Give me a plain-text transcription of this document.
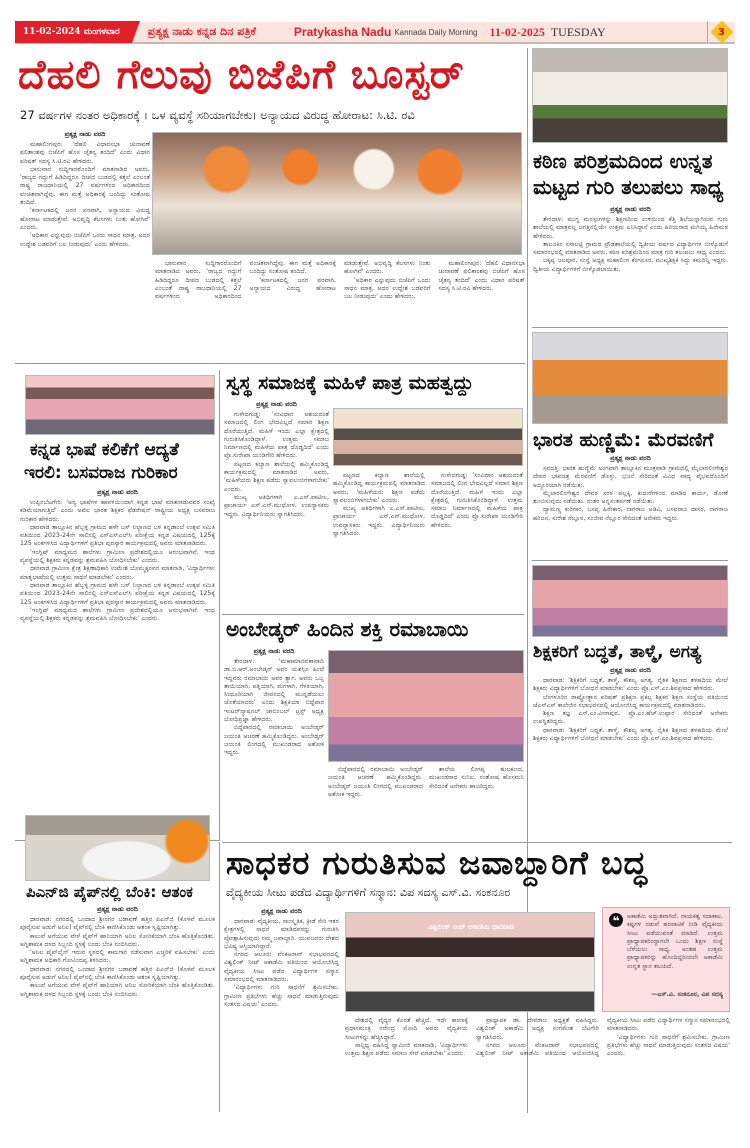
11-02-2024 ಮಂಗಳವಾರ	ಪ್ರತ್ಯಕ್ಷ ನಾಡು ಕನ್ನಡ ದಿನ ಪತ್ರಿಕೆ	Pratykasha Nadu Kannada Daily Morning 11-02-2025 TUESDAY	3
ದೆಹಲಿ ಗೆಲುವು ಬಿಜೆಪಿಗೆ ಬೂಸ್ಟರ್
27 ವರ್ಷಗಳ ನಂತರ ಅಧಿಕಾರಕ್ಕೆ । ಒಳ ವ್ಯವಸ್ಥೆ ಸರಿಯಾಗಬೇಕು। ಅನ್ಯಾಯದ ವಿರುದ್ಧ ಹೋರಾಟ: ಸಿ.ಟಿ. ರವಿ
ಪ್ರತ್ಯಕ್ಷ ನಾಡು ವರದಿ

ಮಹಾಲಿಂಗಪುರ: 'ದೆಹಲಿ ವಿಧಾನಸಭಾ ಚುನಾವಣೆ ಫಲಿತಾಂಶವು ಬಿಜೆಪಿಗೆ ಹೊಸ ಚೈತನ್ಯ ತಂದಿದೆ' ಎಂದು ವಿಧಾನ ಪರಿಷತ್ ಸದಸ್ಯ ಸಿ.ಟಿ.ರವಿ ಹೇಳಿದರು.

ಭಾನುವಾರ ಸುದ್ದಿಗಾರರೊಂದಿಗೆ ಮಾತನಾಡಿದ ಅವರು, 'ರಾಜ್ಯದ ಗದ್ದುಗೆ ಹಿಡಿದಿದ್ದರೂ ದೀಪದ ಬುಡದಲ್ಲಿ ಕತ್ತಲೆ ಎಂಬಂತೆ ರಾಷ್ಟ್ರ ರಾಜಧಾನಿಯಲ್ಲಿ 27 ವರ್ಷಗಳಿಂದ ಅಧಿಕಾರದಿಂದ ವಂಚಿತವಾಗಿದ್ದೆವು. ಈಗ ಮತ್ತೆ ಅಧಿಕಾರಕ್ಕೆ ಬಂದಿದ್ದು ಸಂತೋಷ ತಂದಿದೆ.

'ಕರ್ನಾಟಕದಲ್ಲಿ ಜನರ ಪರವಾಗಿ, ಅನ್ಯಾಯದ ವಿರುದ್ಧ ಹೋರಾಟ ಮಾಡುತ್ತೇವೆ. ಅಭಿವೃದ್ಧಿ ಕೆಲಸಗಳು ನಿಂತು ಹೋಗಿವೆ' ಎಂದರು.

'ಅಧಿಕಾರ ಎನ್ನುವುದು ಬಿಜೆಪಿಗೆ ಒಂದು ಸಾಧನ ಮಾತ್ರ, ಅದರ ಉದ್ದೇಶ ಬಡವರಿಗೆ ಬಲ ನೀಡುವುದು' ಎಂದು ಹೇಳಿದರು.

ಭಾನುವಾರ ಸುದ್ದಿಗಾರರೊಂದಿಗೆ ಮಾತನಾಡಿದ ಅವರು, 'ರಾಜ್ಯದ ಗದ್ದುಗೆ ಹಿಡಿದಿದ್ದರೂ ದೀಪದ ಬುಡದಲ್ಲಿ ಕತ್ತಲೆ ಎಂಬಂತೆ ರಾಷ್ಟ್ರ ರಾಜಧಾನಿಯಲ್ಲಿ 27 ವರ್ಷಗಳಿಂದ ಅಧಿಕಾರದಿಂದ ವಂಚಿತವಾಗಿದ್ದೆವು. ಈಗ ಮತ್ತೆ ಅಧಿಕಾರಕ್ಕೆ ಬಂದಿದ್ದು ಸಂತೋಷ ತಂದಿದೆ.

'ಕರ್ನಾಟಕದಲ್ಲಿ ಜನರ ಪರವಾಗಿ, ಅನ್ಯಾಯದ ವಿರುದ್ಧ ಹೋರಾಟ ಮಾಡುತ್ತೇವೆ. ಅಭಿವೃದ್ಧಿ ಕೆಲಸಗಳು ನಿಂತು ಹೋಗಿವೆ' ಎಂದರು.

'ಅಧಿಕಾರ ಎನ್ನುವುದು ಬಿಜೆಪಿಗೆ ಒಂದು ಸಾಧನ ಮಾತ್ರ, ಅದರ ಉದ್ದೇಶ ಬಡವರಿಗೆ ಬಲ ನೀಡುವುದು' ಎಂದು ಹೇಳಿದರು.

ಮಹಾಲಿಂಗಪುರ: 'ದೆಹಲಿ ವಿಧಾನಸಭಾ ಚುನಾವಣೆ ಫಲಿತಾಂಶವು ಬಿಜೆಪಿಗೆ ಹೊಸ ಚೈತನ್ಯ ತಂದಿದೆ' ಎಂದು ವಿಧಾನ ಪರಿಷತ್ ಸದಸ್ಯ ಸಿ.ಟಿ.ರವಿ ಹೇಳಿದರು.

ಕಠಿಣ ಪರಿಶ್ರಮದಿಂದ ಉನ್ನತ
ಮಟ್ಟದ ಗುರಿ ತಲುಪಲು ಸಾಧ್ಯ
ಪ್ರತ್ಯಕ್ಷ ನಾಡು ವರದಿ

ತೇರದಾಳ: ಮುಗ್ಧ ಮನಸ್ಸುಗಳನ್ನು ಶಿಕ್ಷಣದಿಂದ ಉಳಿಯಿಂದ ಕೆತ್ತಿ ಶಿಲೆಯನ್ನಾಗಿಸುವ ಗುರು ಶಾಲೆಯಲ್ಲಿ ಮಾತ್ರವಲ್ಲ ಜಗತ್ತಿನಲ್ಲಿಯೇ ಉತ್ತಮ ಎನಿಸಿದ್ದಾನೆ ಎಂದು ಹಿರಿಯರಾದ ಮಗಿಯ್ಯ ಹಿರೇಮಠ ಹೇಳಿದರು.

ತಾಲೂಕಿನ ಸಸಾಲಟ್ಟಿ ಗ್ರಾಮದ ಪ್ರೌಢಶಾಲೆಯಲ್ಲಿ ದ್ವಿತೀಯ ವರ್ಷದ ವಿದ್ಯಾರ್ಥಿಗಳ ಬೀಳ್ಕೊಡುಗೆ ಸಮಾರಂಭದಲ್ಲಿ ಮಾತನಾಡಿದ ಅವರು, ಕಠಿಣ ಪರಿಶ್ರಮದಿಂದ ಮಾತ್ರ ಗುರಿ ತಲುಪಲು ಸಾಧ್ಯ ಎಂದರು.

ಜಕ್ಕಪ್ಪ ಜಲಪೂರ, ಸಂಸ್ಥೆ ಅಧ್ಯಕ್ಷ ಮಹಾಲಿಂಗ ಕೆಂಗನೂರ, ಮುಖ್ಯಶಿಕ್ಷಕ ಸಿದ್ದು ಕಮದಿನ್ನಿ ಇದ್ದರು. ದ್ವಿತೀಯ ವಿದ್ಯಾರ್ಥಿಗಳಿಗೆ ಬೀಳ್ಕೊಡಲಾಯಿತು.

ಭಾರತ ಹುಣ್ಣಿಮೆ: ಮೆರವಣಿಗೆ
ಪ್ರತ್ಯಕ್ಷ ನಾಡು ವರದಿ

ಸವದತ್ತಿ: ಭಾರತ ಹುಣ್ಣಿಮೆ ಅಂಗವಾಗಿ ತಾಲ್ಲೂಕಿನ ಮಂತ್ರವಾಡಿ ಗ್ರಾಮದಲ್ಲಿ ಮೈಲಾರಲಿಂಗೇಶ್ವರ ದೇವರ ಭಾವಚಿತ್ರ ಮೆರವಣಿಗೆ ಡೊಳ್ಳು, ಭಜನೆ ಸೇರಿದಂತೆ ವಿವಿಧ ವಾದ್ಯ ವೈಭವದೊಂದಿಗೆ ಅದ್ದೂರಿಯಾಗಿ ನಡೆಯಿತು.

ಮೈಲಾರಲಿಂಗೇಶ್ವರ ದೇವರ ಸರಳ ಪಲ್ಲಕ್ಕಿ, ಕುದುರೆಗಳಿಂದ ಮಾಡಿದ ಕಾರ್ಯ, ಡೋಣೆ ತುಂಬಿಸುವುದು ನಡೆಯಿತು. ನಂತರ ಅನ್ನಸಂತರ್ಪಣೆ ನಡೆಯಿತು.

ದ್ಯಾಮಣ್ಣ ಕುರಿಗಾರ, ಬಸಪ್ಪ ಹಿರೇಕಾರ, ನಾಗರಾಜ ಅಡಿವಿ, ಬಸವರಾಜ ದಾಸರ, ನಾಗರಾಜ ಹರಿಜನ, ಸುರೇಶ ನೆಲ್ಲೂರ, ಸಂಜೀವ ನೆಲ್ಲೂರ ಸೇರಿದಂತೆ ಅನೇಕರು ಇದ್ದರು.

ಶಿಕ್ಷಕರಿಗೆ ಬದ್ಧತೆ, ತಾಳ್ಮೆ, ಅಗತ್ಯ
ಪ್ರತ್ಯಕ್ಷ ನಾಡು ವರದಿ

ಧಾರವಾಡ: 'ಶಿಕ್ಷಕರಿಗೆ ಬದ್ಧತೆ, ತಾಳ್ಮೆ, ಕೌಶಲ್ಯ ಅಗತ್ಯ. ನೈತಿಕ ಶಿಕ್ಷಣದ ತಳಹದಿಯ ಮೇಲೆ ಶಿಕ್ಷಕರು ವಿದ್ಯಾರ್ಥಿಗಳಿಗೆ ಬೋಧನೆ ಮಾಡಬೇಕು' ಎಂದು ಪ್ರೊ.ಎಸ್.ಎಂ.ಶಿವಪ್ರಸಾದ ಹೇಳಿದರು.

ಬೆಂಗಳೂರಿನ ರಾಷ್ಟ್ರೋತ್ಥಾನ ಪರಿಷತ್ ಪ್ರಶಿಕ್ಷಣ ಪ್ರಕಲ್ಪ ಶಿಕ್ಷಕರ ಶಿಕ್ಷಣ ಸಂಸ್ಥೆಯ ವತಿಯಿಂದ ಜೆಎಸ್ಎಸ್ ಕಾಲೇಜಿನ ಸಭಾಭವನದಲ್ಲಿ ಆಯೋಜಿಸಿದ್ದ ಕಾರ್ಯಕ್ರಮದಲ್ಲಿ ಮಾತನಾಡಿದರು.

ಶಿಕ್ಷಣ ತಜ್ಞ ಎಸ್.ಎಂ.ವೀರಾಪುರ, ಪ್ರೊ.ಎಂ.ಹೆಚ್.ಉಪ್ಪಾರ ಸೇರಿದಂತೆ ಅನೇಕರು ಉಪಸ್ಥಿತರಿದ್ದರು.

ಧಾರವಾಡ: 'ಶಿಕ್ಷಕರಿಗೆ ಬದ್ಧತೆ, ತಾಳ್ಮೆ, ಕೌಶಲ್ಯ ಅಗತ್ಯ. ನೈತಿಕ ಶಿಕ್ಷಣದ ತಳಹದಿಯ ಮೇಲೆ ಶಿಕ್ಷಕರು ವಿದ್ಯಾರ್ಥಿಗಳಿಗೆ ಬೋಧನೆ ಮಾಡಬೇಕು' ಎಂದು ಪ್ರೊ.ಎಸ್.ಎಂ.ಶಿವಪ್ರಸಾದ ಹೇಳಿದರು.

ಕನ್ನಡ ಭಾಷೆ ಕಲಿಕೆಗೆ ಆದ್ಯತೆ
ಇರಲಿ: ಬಸವರಾಜ ಗುರಿಕಾರ
ಪ್ರತ್ಯಕ್ಷ ನಾಡು ವರದಿ

ಉಪ್ಪಿನಬೆಟಗೇರಿ: 'ಅನ್ಯ ಭಾಷೆಗಳ ಹಾವಳಿಯಿಂದಾಗಿ ಕನ್ನಡ ಭಾಷೆ ಮಾತನಾಡುವವರ ಸಂಖ್ಯೆ ಕಡಿಮೆಯಾಗುತ್ತಿದೆ' ಎಂದು ಅಖಿಲ ಭಾರತ ಶಿಕ್ಷಕರ ಫೆಡರೇಷನ್ ರಾಷ್ಟ್ರೀಯ ಅಧ್ಯಕ್ಷ ಬಸವರಾಜ ಗುರಿಕಾರ ಹೇಳಿದರು.

ಧಾರವಾಡ ತಾಲ್ಲೂಕಿನ ಹೆಬ್ಬಳ್ಳಿ ಗ್ರಾಮದ ಹಳೇ ಬಸ್ ನಿಲ್ದಾಣದ ಬಳಿ ಕನ್ನಡಾಂಬೆ ಉತ್ಸವ ಸಮಿತಿ ವತಿಯಿಂದ 2023-24ನೇ ಸಾಲಿನಲ್ಲಿ ಎಸ್ಎಸ್ಎಲ್‌ಸಿ ಪರೀಕ್ಷೆಯ ಕನ್ನಡ ವಿಷಯದಲ್ಲಿ 125ಕ್ಕೆ 125 ಅಂಕಗಳಿಸಿದ ವಿದ್ಯಾರ್ಥಿಗಳಿಗೆ ಪ್ರತಿಭಾ ಪುರಸ್ಕಾರ ಕಾರ್ಯಕ್ರಮದಲ್ಲಿ ಅವರು ಮಾತನಾಡಿದರು.

'ಇಂಗ್ಲಿಷ್ ಮಾಧ್ಯಮದ ಶಾಲೆಗಳು ಗ್ರಾಮೀಣ ಪ್ರದೇಶದಲ್ಲಿಯೂ ಆರಂಭವಾಗಿವೆ. ಇಂಥ ವ್ಯವಸ್ಥೆಯಲ್ಲಿ ಶಿಕ್ಷಕರು ಕನ್ನಡವನ್ನು ಶ್ರಮವಹಿಸಿ ಬೋಧಿಸಬೇಕು' ಎಂದರು.

ಧಾರವಾಡ ಗ್ರಾಮೀಣ ಕ್ಷೇತ್ರ ಶಿಕ್ಷಣಾಧಿಕಾರಿ ಉಮೇಶ ಬೊಮ್ಮಕ್ಕನವರ ಮಾತನಾಡಿ, 'ವಿದ್ಯಾರ್ಥಿಗಳು ಮಾತೃಭಾಷೆಯಲ್ಲಿ ಉತ್ತಮ ಸಾಧನೆ ಮಾಡಬೇಕು' ಎಂದರು.

ಧಾರವಾಡ ತಾಲ್ಲೂಕಿನ ಹೆಬ್ಬಳ್ಳಿ ಗ್ರಾಮದ ಹಳೇ ಬಸ್ ನಿಲ್ದಾಣದ ಬಳಿ ಕನ್ನಡಾಂಬೆ ಉತ್ಸವ ಸಮಿತಿ ವತಿಯಿಂದ 2023-24ನೇ ಸಾಲಿನಲ್ಲಿ ಎಸ್ಎಸ್ಎಲ್‌ಸಿ ಪರೀಕ್ಷೆಯ ಕನ್ನಡ ವಿಷಯದಲ್ಲಿ 125ಕ್ಕೆ 125 ಅಂಕಗಳಿಸಿದ ವಿದ್ಯಾರ್ಥಿಗಳಿಗೆ ಪ್ರತಿಭಾ ಪುರಸ್ಕಾರ ಕಾರ್ಯಕ್ರಮದಲ್ಲಿ ಅವರು ಮಾತನಾಡಿದರು.

'ಇಂಗ್ಲಿಷ್ ಮಾಧ್ಯಮದ ಶಾಲೆಗಳು ಗ್ರಾಮೀಣ ಪ್ರದೇಶದಲ್ಲಿಯೂ ಆರಂಭವಾಗಿವೆ. ಇಂಥ ವ್ಯವಸ್ಥೆಯಲ್ಲಿ ಶಿಕ್ಷಕರು ಕನ್ನಡವನ್ನು ಶ್ರಮವಹಿಸಿ ಬೋಧಿಸಬೇಕು' ಎಂದರು.

ಸ್ವಸ್ಥ ಸಮಾಜಕ್ಕೆ ಮಹಿಳೆ ಪಾತ್ರ ಮಹತ್ವದ್ದು
ಪ್ರತ್ಯಕ್ಷ ನಾಡು ವರದಿ

ಗುಳೇದಗುಡ್ಡ: 'ಸಂವಿಧಾನ ಆಶಯದಂತೆ ಸಮಾಜದಲ್ಲಿ ಲಿಂಗ ಭೇದವಿಲ್ಲದೆ ಸಮಾನ ಶಿಕ್ಷಣ ದೊರೆಯುತ್ತಿದೆ. ಮಹಿಳೆ ಇಂದು ಎಲ್ಲಾ ಕ್ಷೇತ್ರದಲ್ಲಿ ಗುರುತಿಸಿಕೊಂಡಿದ್ದಾಳೆ. ಉತ್ತಮ ಸಮಾಜ ನಿರ್ಮಾಣದಲ್ಲಿ ಮಹಿಳೆಯ ಪಾತ್ರ ದೊಡ್ಡದಿದೆ' ಎಂದು ಪ್ರೊ.ಸುರೇಖಾ ಯಂಡಿಗೇರಿ ಹೇಳಿದರು.

ಪಟ್ಟಣದ ಕಲ್ಯಾಣ ಶಾಲೆಯಲ್ಲಿ ಹಮ್ಮಿಕೊಂಡಿದ್ದ ಕಾರ್ಯಕ್ರಮದಲ್ಲಿ ಮಾತನಾಡಿದ ಅವರು, 'ಮಹಿಳೆಯರು ಶಿಕ್ಷಣ ಪಡೆದು ಸ್ವಾವಲಂಬಿಗಳಾಗಬೇಕು' ಎಂದರು.

ಮುಖ್ಯ ಅತಿಥಿಗಳಾಗಿ ಎ.ಎಸ್.ಪಾಟೀಲ, ಪ್ರಾಚಾರ್ಯ ಎಸ್.ಎಸ್.ಮುಧೋಳ, ಉಪನ್ಯಾಸಕರು ಇದ್ದರು. ವಿದ್ಯಾರ್ಥಿನಿಯರು ಸ್ವಾಗತಿಸಿದರು.

ಪಟ್ಟಣದ ಕಲ್ಯಾಣ ಶಾಲೆಯಲ್ಲಿ ಹಮ್ಮಿಕೊಂಡಿದ್ದ ಕಾರ್ಯಕ್ರಮದಲ್ಲಿ ಮಾತನಾಡಿದ ಅವರು, 'ಮಹಿಳೆಯರು ಶಿಕ್ಷಣ ಪಡೆದು ಸ್ವಾವಲಂಬಿಗಳಾಗಬೇಕು' ಎಂದರು.

ಮುಖ್ಯ ಅತಿಥಿಗಳಾಗಿ ಎ.ಎಸ್.ಪಾಟೀಲ, ಪ್ರಾಚಾರ್ಯ ಎಸ್.ಎಸ್.ಮುಧೋಳ, ಉಪನ್ಯಾಸಕರು ಇದ್ದರು. ವಿದ್ಯಾರ್ಥಿನಿಯರು ಸ್ವಾಗತಿಸಿದರು.

ಗುಳೇದಗುಡ್ಡ: 'ಸಂವಿಧಾನ ಆಶಯದಂತೆ ಸಮಾಜದಲ್ಲಿ ಲಿಂಗ ಭೇದವಿಲ್ಲದೆ ಸಮಾನ ಶಿಕ್ಷಣ ದೊರೆಯುತ್ತಿದೆ. ಮಹಿಳೆ ಇಂದು ಎಲ್ಲಾ ಕ್ಷೇತ್ರದಲ್ಲಿ ಗುರುತಿಸಿಕೊಂಡಿದ್ದಾಳೆ. ಉತ್ತಮ ಸಮಾಜ ನಿರ್ಮಾಣದಲ್ಲಿ ಮಹಿಳೆಯ ಪಾತ್ರ ದೊಡ್ಡದಿದೆ' ಎಂದು ಪ್ರೊ.ಸುರೇಖಾ ಯಂಡಿಗೇರಿ ಹೇಳಿದರು.

ಅಂಬೇಡ್ಕರ್ ಹಿಂದಿನ ಶಕ್ತಿ ರಮಾಬಾಯಿ
ಪ್ರತ್ಯಕ್ಷ ನಾಡು ವರದಿ

ತೇರದಾಳ: 'ಮಹಾಮಾನವತಾವಾದಿ ಡಾ.ಬಿ.ಆರ್.ಅಂಬೇಡ್ಕರ್ ಅವರ ಯಶಸ್ಸಿನ ಹಿಂದೆ ಇದ್ದವರು ರಮಾಬಾಯಿ ಅವರ ತ್ಯಾಗ. ಅವರು ಒಬ್ಬ ತಾಯಿಯಾಗಿ, ಪತ್ನಿಯಾಗಿ, ಮಗಳಾಗಿ, ಗೆಳತಿಯಾಗಿ, ಸಿಂಧೂರಿಯಾಗಿ ಜೀವನದಲ್ಲಿ ಮುನ್ನಡೆಯಲು ಜೊತೆಯಾದರು' ಎಂದು ಶಿಕ್ಷಕಿಯಾ ಬಿದ್ದೆಪಾರ ಇಂಟರ್‌ನ್ಯಾಷನಲ್ ಜಾಬಿಂಬಲ್ ಟ್ರಸ್ಟ್ ಅಧ್ಯಕ್ಷ ಬೋಧಿಪ್ರಜ್ಞಾ ಹೇಳಿದರು.

ಬಿದ್ದೆಪಾರದಲ್ಲಿ ರಮಾಬಾಯಿ ಅಂಬೇಡ್ಕರ್ ಜಯಂತಿ ಆಚರಣೆ ಹಮ್ಮಿಕೊಂಡಿದ್ದರು. ಅಂಬೇಡ್ಕರ್ ಜಯಂತಿ ಲಿಂಗದಲ್ಲಿ ಮುಖಂಡರಾದ ಅಶೋಕ ಇದ್ದರು.

ಬಿದ್ದೆಪಾರದಲ್ಲಿ ರಮಾಬಾಯಿ ಅಂಬೇಡ್ಕರ್ ಜಯಂತಿ ಆಚರಣೆ ಹಮ್ಮಿಕೊಂಡಿದ್ದರು. ಅಂಬೇಡ್ಕರ್ ಜಯಂತಿ ಲಿಂಗದಲ್ಲಿ ಮುಖಂಡರಾದ ಅಶೋಕ ಇದ್ದರು.

ಶಾಲೆಯ ಲಿಂಗಪ್ಪ ಹುಲಕುಂದ, ಮುಖಂಡರಾದ ಸುನಿಲ, ಸಂತೋಷ ಹೊಸಮನಿ ಸೇರಿದಂತೆ ಅನೇಕರು ಹಾಜರಿದ್ದರು.

ಪಿಎನ್‌ಜಿ ಪೈಪ್‌ನಲ್ಲಿ ಬೆಂಕಿ: ಆತಂಕ
ಪ್ರತ್ಯಕ್ಷ ನಾಡು ವರದಿ

ಧಾರವಾಡ: ನಗರದಲ್ಲಿ ಒಂದಾದ ಶ್ರೀನಗರ ಬಡಾವಣೆ ಹತ್ತಿರ ಪಿಎನ್‌ಜಿ (ಕೊಳವೆ ಮೂಲಕ ಪೂರೈಸುವ ಅಡುಗೆ ಅನಿಲ) ಪೈಪ್‌ನಲ್ಲಿ ಬೆಂಕಿ ಕಾಣಿಸಿಕೊಂಡು ಆತಂಕ ಸೃಷ್ಟಿಯಾಗಿತ್ತು.

ಕಾಲುವೆ ಅಗೆಯುವ ವೇಳೆ ಪೈಪ್‌ಗೆ ಹಾನಿಯಾಗಿ ಅನಿಲ ಸೋರಿಕೆಯಾಗಿ ಬೆಂಕಿ ಹೊತ್ತಿಕೊಂಡಿತು. ಅಗ್ನಿಶಾಮಕ ದಳದ ಸಿಬ್ಬಂದಿ ಸ್ಥಳಕ್ಕೆ ಬಂದು ಬೆಂಕಿ ನಂದಿಸಿದರು.

'ಅನಿಲ ಪೈಪ್‌ಲೈನ್ ಇರುವ ಸ್ಥಳದಲ್ಲಿ ಕಾಮಗಾರಿ ನಡೆಸುವಾಗ ಎಚ್ಚರಿಕೆ ವಹಿಸಬೇಕು' ಎಂದು ಅಗ್ನಿಶಾಮಕ ಅಧಿಕಾರಿ ಗೋವಿಂದಪ್ಪ ತಿಳಿಸಿದರು.

ಧಾರವಾಡ: ನಗರದಲ್ಲಿ ಒಂದಾದ ಶ್ರೀನಗರ ಬಡಾವಣೆ ಹತ್ತಿರ ಪಿಎನ್‌ಜಿ (ಕೊಳವೆ ಮೂಲಕ ಪೂರೈಸುವ ಅಡುಗೆ ಅನಿಲ) ಪೈಪ್‌ನಲ್ಲಿ ಬೆಂಕಿ ಕಾಣಿಸಿಕೊಂಡು ಆತಂಕ ಸೃಷ್ಟಿಯಾಗಿತ್ತು.

ಕಾಲುವೆ ಅಗೆಯುವ ವೇಳೆ ಪೈಪ್‌ಗೆ ಹಾನಿಯಾಗಿ ಅನಿಲ ಸೋರಿಕೆಯಾಗಿ ಬೆಂಕಿ ಹೊತ್ತಿಕೊಂಡಿತು. ಅಗ್ನಿಶಾಮಕ ದಳದ ಸಿಬ್ಬಂದಿ ಸ್ಥಳಕ್ಕೆ ಬಂದು ಬೆಂಕಿ ನಂದಿಸಿದರು.

ಸಾಧಕರ ಗುರುತಿಸುವ ಜವಾಬ್ದಾರಿಗೆ ಬದ್ಧ
ವೈದ್ಯಕೀಯ ಸೀಟು ಪಡೆದ ವಿದ್ಯಾರ್ಥಿಗಳಿಗೆ ಸನ್ಮಾನ: ವಿಪ ಸದಸ್ಯ ಎಸ್.ವಿ. ಸಂಕನೂರ
ಪ್ರತ್ಯಕ್ಷ ನಾಡು ವರದಿ

ಧಾರವಾಡ: ವೈದ್ಯಕೀಯ, ಸಾಂಸ್ಕೃತಿಕ, ಕ್ರೀಡೆ ಸೇರಿ ಇತರ ಕ್ಷೇತ್ರಗಳಲ್ಲಿ ಸಾಧನೆ ಮಾಡಿದವರನ್ನು ಗುರುತಿಸಿ ಪ್ರೋತ್ಸಾಹಿಸುವುದು ನಮ್ಮ ಜವಾಬ್ದಾರಿ. ಯುವಜನರು ದೇಶದ ಭವಿಷ್ಯ ಆಸ್ತಿಯಾಗಿದ್ದಾರೆ.

ನಗರದ ಆಲೂರು ವೆಂಕಟರಾವ್ ಸಭಾಭವನದಲ್ಲಿ ವಿಶ್ವಲಿಂಕ್ ನೀಟ್ ಅಕಾಡೆಮಿ ವತಿಯಿಂದ ಆಯೋಜಿಸಿದ್ದ ವೈದ್ಯಕೀಯ ಸೀಟು ಪಡೆದ ವಿದ್ಯಾರ್ಥಿಗಳ ಸನ್ಮಾನ ಸಮಾರಂಭದಲ್ಲಿ ಮಾತನಾಡಿದರು.

'ವಿದ್ಯಾರ್ಥಿಗಳು ಗುರಿ ಸಾಧನೆಗೆ ಶ್ರಮಿಸಬೇಕು. ಗ್ರಾಮೀಣ ಪ್ರತಿಭೆಗಳು ಹೆಚ್ಚು ಸಾಧನೆ ಮಾಡುತ್ತಿರುವುದು ಸಂತಸದ ವಿಷಯ' ಎಂದರು.

ವಿಶ್ವಲಿಂಕ್ ನೀಟ್ ಅಕಾಡೆಮಿ ಧಾರವಾಡ	❝	ಅಕಾಡೆಮಿ ಅದ್ಭುತವಾಗಿದೆ. ನಾಯಕತ್ವ ಸದಾಕಾಲ, ಕಷ್ಟಗಳ ನಡುವೆ ಹರವಾಟಿಕೆ ನೀಡಿ ವೈದ್ಯಕೀಯ ಸೀಟು ಪಡೆಯುವಂತೆ ಮಾಡಿದೆ. ಉತ್ತಮ ಪ್ರಾಧ್ಯಾಪಕರಿಂದ್ದಾಗಲೇ ಒಂದು ಶಿಕ್ಷಣ ಸಂಸ್ಥೆ ಬೆಳೆಯಲು ಸಾಧ್ಯ. ಅಂತಹ ಉತ್ತಮ ಪ್ರಾಧ್ಯಾಪಕರನ್ನು ಹೊಂದಿದ್ದರಿಂದಲೇ ಅಕಾಡೆಮಿ ಉನ್ನತ ಸ್ಥಾನ ತಲುಪಿದೆ.
—ಎಸ್.ವಿ. ಸಂಕನೂರ, ವಿಪ ಸದಸ್ಯ

ದೇಶದಲ್ಲಿ ವೈದ್ಯರ ಕೊರತೆ ಹೆಚ್ಚಿದೆ. ಇದೇ ಕಾರಣಕ್ಕೆ ಪ್ರಧಾನಮಂತ್ರಿ ನರೇಂದ್ರ ಮೋದಿ ಅವರು ವೈದ್ಯಕೀಯ ಸೀಟುಗಳನ್ನು ಹೆಚ್ಚಿಸಿದ್ದಾರೆ.

ಸಾನ್ನಿಧ್ಯ ವಹಿಸಿದ್ದ ಸ್ವಾಮೀಜಿ ಮಾತನಾಡಿ, 'ವಿದ್ಯಾರ್ಥಿಗಳು ಉತ್ತಮ ಶಿಕ್ಷಣ ಪಡೆದು ಸಮಾಜ ಸೇವೆ ಮಾಡಬೇಕು' ಎಂದರು.

ಪ್ರಾಧ್ಯಾಪಕ ಡಾ. ದೇವರಾಜ ಅಧ್ಯಕ್ಷತೆ ವಹಿಸಿದ್ದರು. ವಿಶ್ವಲಿಂಕ್ ಅಕಾಡೆಮಿ ಅಧ್ಯಕ್ಷ ಸಂಗಮೇಶ ಬೆಟಗೇರಿ ಸ್ವಾಗತಿಸಿದರು.

ನಗರದ ಆಲೂರು ವೆಂಕಟರಾವ್ ಸಭಾಭವನದಲ್ಲಿ ವಿಶ್ವಲಿಂಕ್ ನೀಟ್ ಅಕಾಡೆಮಿ ವತಿಯಿಂದ ಆಯೋಜಿಸಿದ್ದ ವೈದ್ಯಕೀಯ ಸೀಟು ಪಡೆದ ವಿದ್ಯಾರ್ಥಿಗಳ ಸನ್ಮಾನ ಸಮಾರಂಭದಲ್ಲಿ ಮಾತನಾಡಿದರು.

'ವಿದ್ಯಾರ್ಥಿಗಳು ಗುರಿ ಸಾಧನೆಗೆ ಶ್ರಮಿಸಬೇಕು. ಗ್ರಾಮೀಣ ಪ್ರತಿಭೆಗಳು ಹೆಚ್ಚು ಸಾಧನೆ ಮಾಡುತ್ತಿರುವುದು ಸಂತಸದ ವಿಷಯ' ಎಂದರು.
